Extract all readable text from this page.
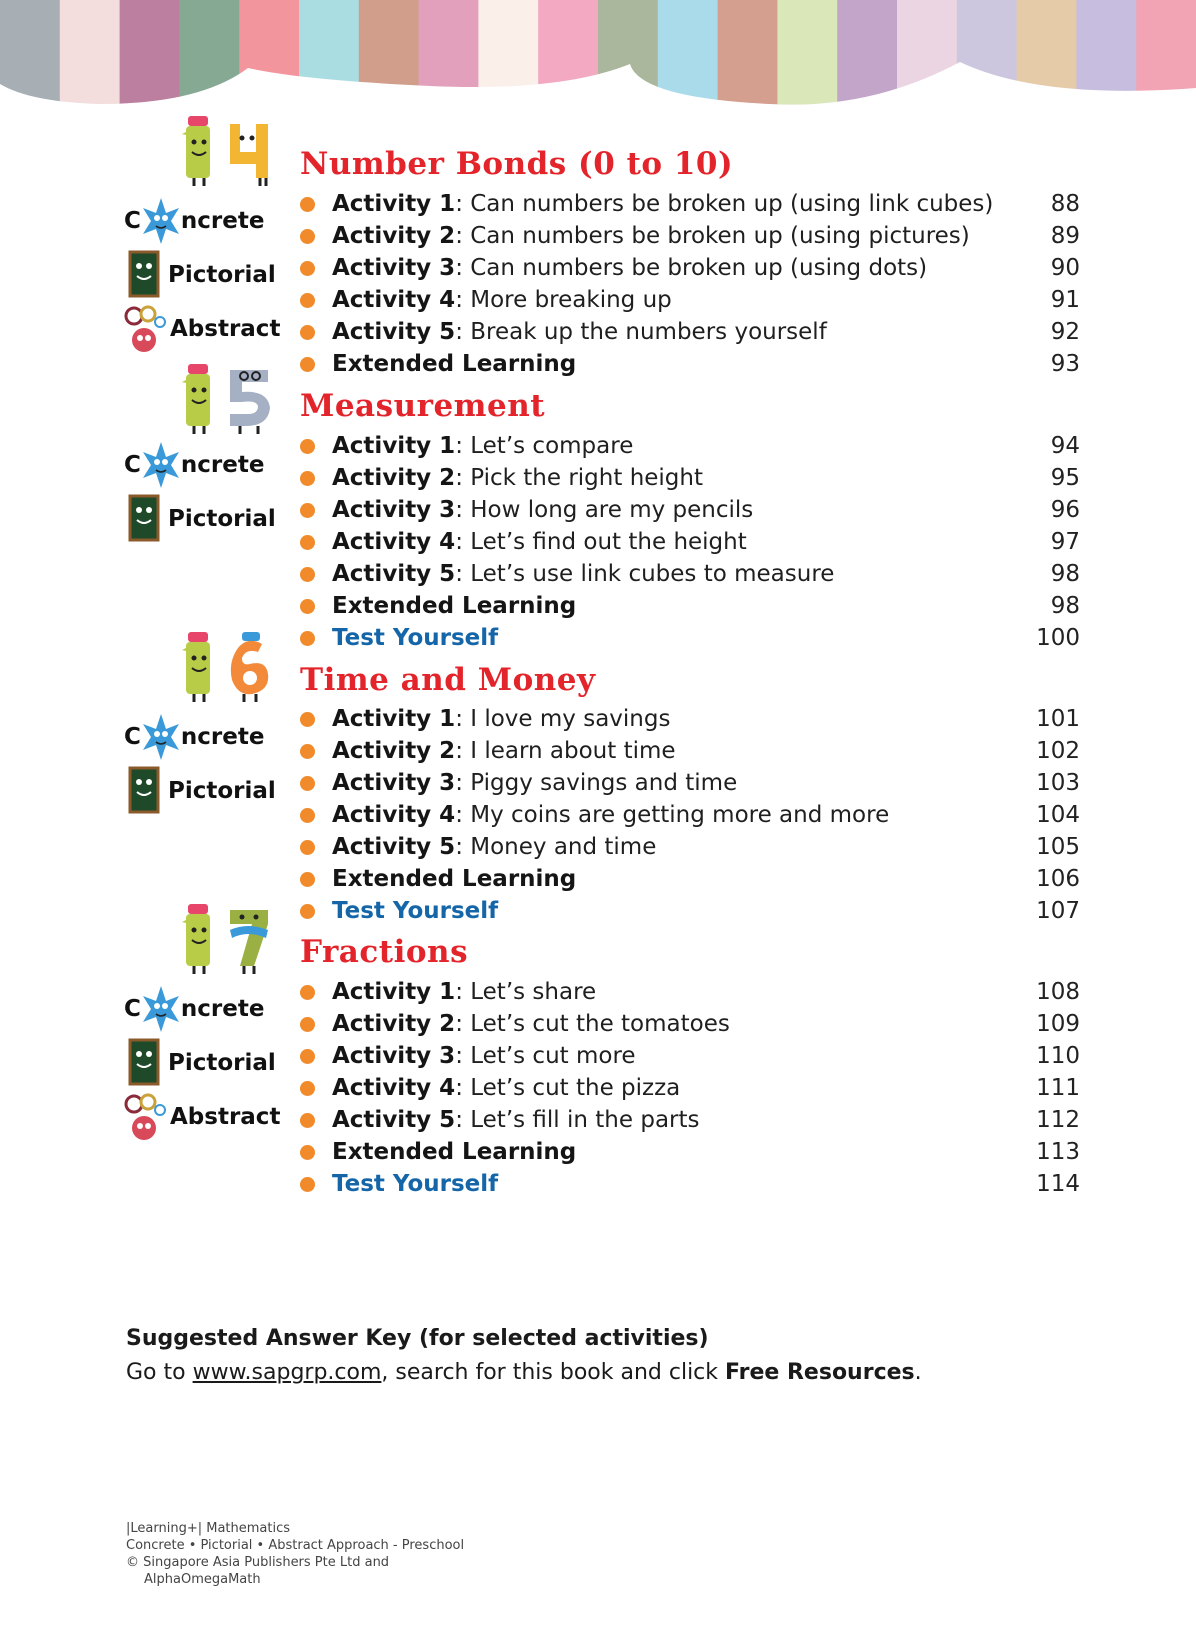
Number Bonds (0 to 10)
C ncrete
Pictorial
Abstract
Activity 1 : Can numbers be broken up (using link cubes)	88
Activity 2 : Can numbers be broken up (using pictures)	89
Activity 3 : Can numbers be broken up (using dots)	90
Activity 4 : More breaking up	91
Activity 5 : Break up the numbers yourself	92
Extended Learning	93
Measurement
C ncrete
Pictorial
Activity 1 : Let’s compare	94
Activity 2 : Pick the right height	95
Activity 3 : How long are my pencils	96
Activity 4 : Let’s find out the height	97
Activity 5 : Let’s use link cubes to measure	98
Extended Learning	98
Test Yourself	100
Time and Money
C ncrete
Pictorial
Activity 1 : I love my savings	101
Activity 2 : I learn about time	102
Activity 3 : Piggy savings and time	103
Activity 4 : My coins are getting more and more	104
Activity 5 : Money and time	105
Extended Learning	106
Test Yourself	107
Fractions
C ncrete
Pictorial
Abstract
Activity 1 : Let’s share	108
Activity 2 : Let’s cut the tomatoes	109
Activity 3 : Let’s cut more	110
Activity 4 : Let’s cut the pizza	111
Activity 5 : Let’s fill in the parts	112
Extended Learning	113
Test Yourself	114
Suggested Answer Key (for selected activities)
Go to www.sapgrp.com, search for this book and click Free Resources.
|Learning+| Mathematics
Concrete • Pictorial • Abstract Approach - Preschool
© Singapore Asia Publishers Pte Ltd and
AlphaOmegaMath
